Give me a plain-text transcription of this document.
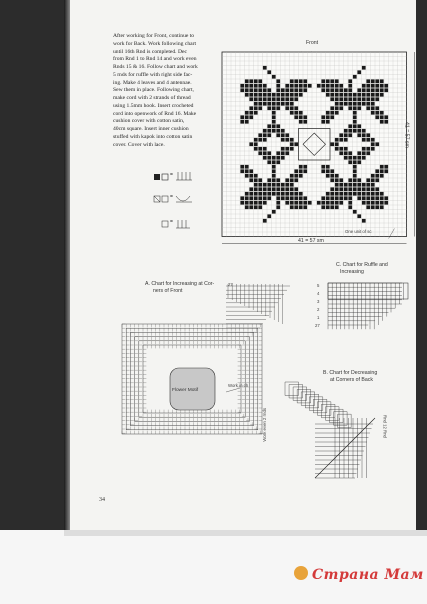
After working for Front, continue to
work for Back. Work following chart
until 16th Rnd is completed. Dec
from Rnd 1 to Rnd 14 and work even
Rnds 15 & 16. Follow chart and work
5 rnds for ruffle with right side fac-
ing. Make 4 leaves and 4 antennae.
Sew them in place. Following chart,
make cord with 2 strands of thread
using 1.5mm hook. Insert crocheted
cord into openwork of Rnd 16. Make
cushion cover with cotton satin,
40cm square. Insert inner cushion
stuffed with kapok into cotton satin
cover. Cover with lace.
=
=
=
Front
One unit of sc
41 = 57 sm
41 = 57 sm
A. Chart for Increasing at Cor-
ners of Front
27
Flower Motif
Work in ch
C. Chart for Ruffle and
Increasing
5
4
3
2
1
27
B. Chart for Decreasing
at Corners of Back
Work even 2 rnds	Rnd 12 Rnd
34
Страна Мам
